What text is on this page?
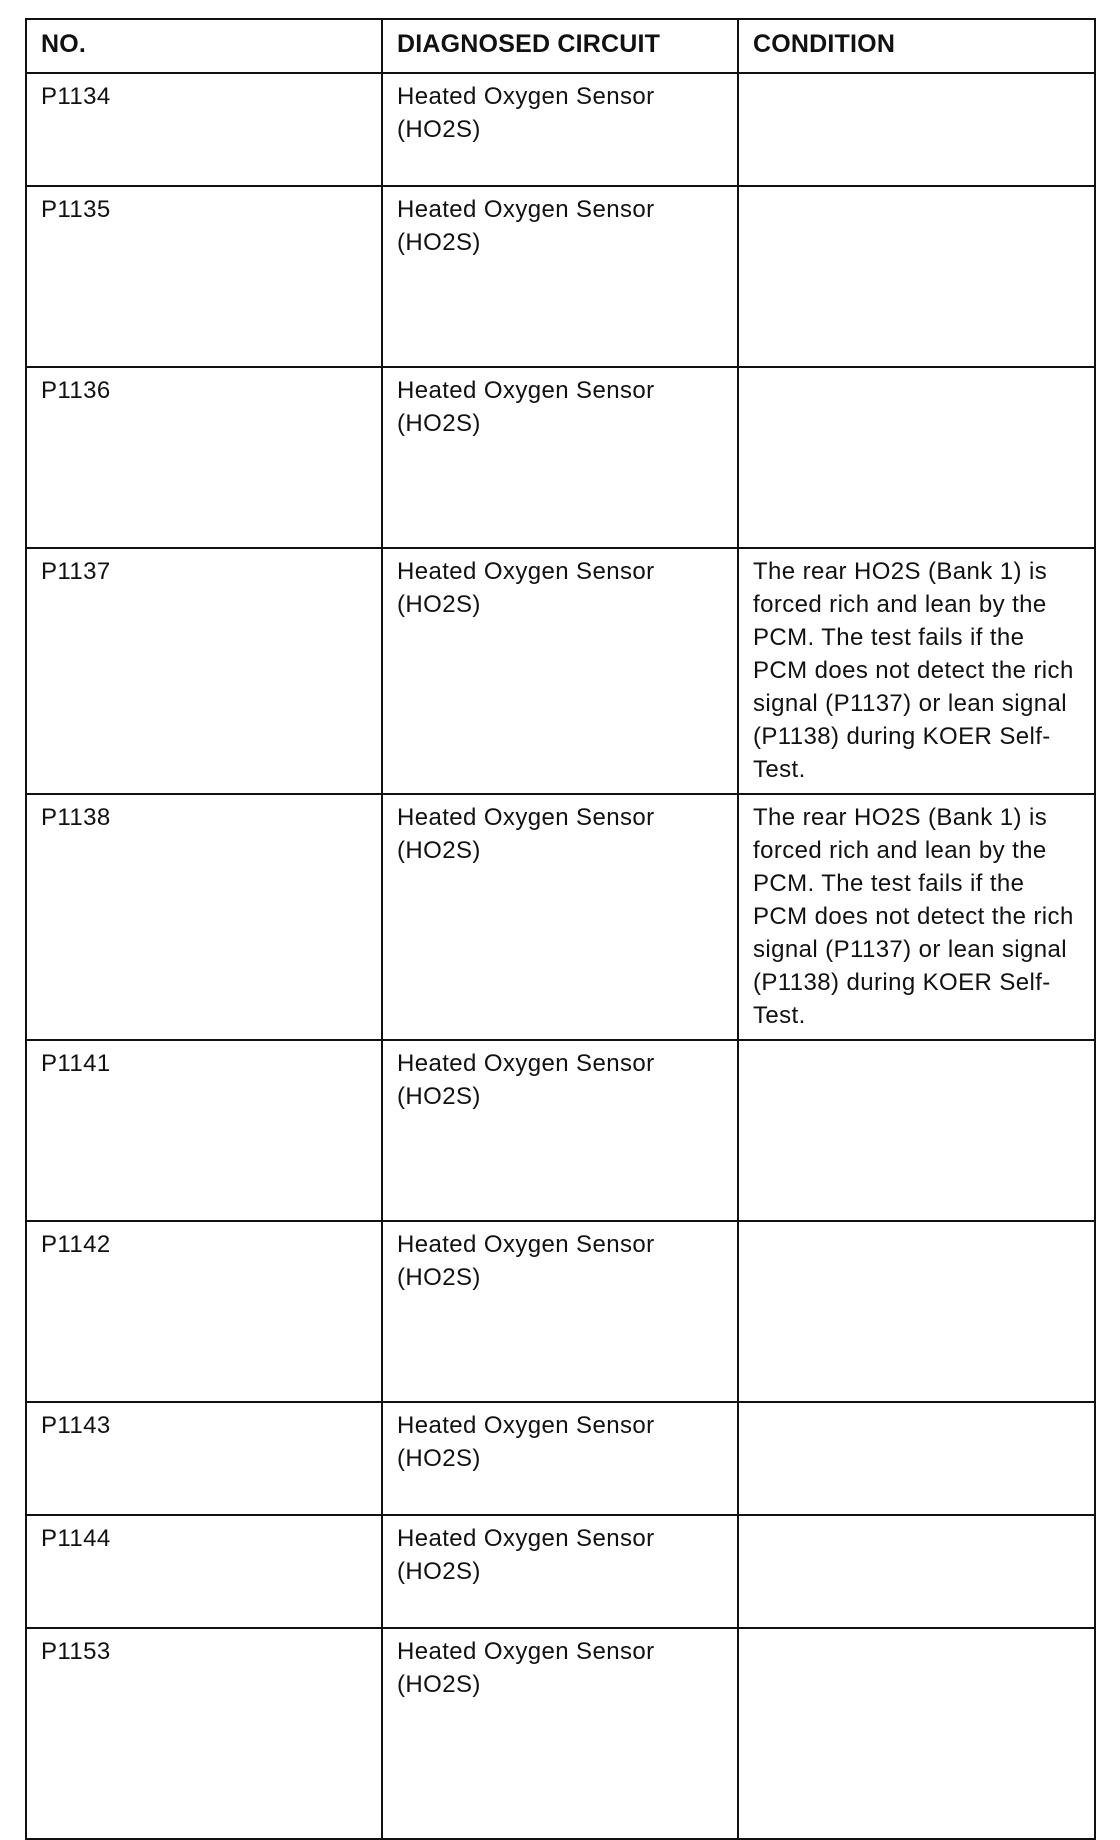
NO.	DIAGNOSED CIRCUIT	CONDITION
P1134	Heated Oxygen Sensor (HO2S)	
P1135	Heated Oxygen Sensor (HO2S)	
P1136	Heated Oxygen Sensor (HO2S)	
P1137	Heated Oxygen Sensor (HO2S)	The rear HO2S (Bank 1) is forced rich and lean by the PCM. The test fails if the PCM does not detect the rich signal (P1137) or lean signal (P1138) during KOER Self-Test.
P1138	Heated Oxygen Sensor (HO2S)	The rear HO2S (Bank 1) is forced rich and lean by the PCM. The test fails if the PCM does not detect the rich signal (P1137) or lean signal (P1138) during KOER Self-Test.
P1141	Heated Oxygen Sensor (HO2S)	
P1142	Heated Oxygen Sensor (HO2S)	
P1143	Heated Oxygen Sensor (HO2S)	
P1144	Heated Oxygen Sensor (HO2S)	
P1153	Heated Oxygen Sensor (HO2S)	
